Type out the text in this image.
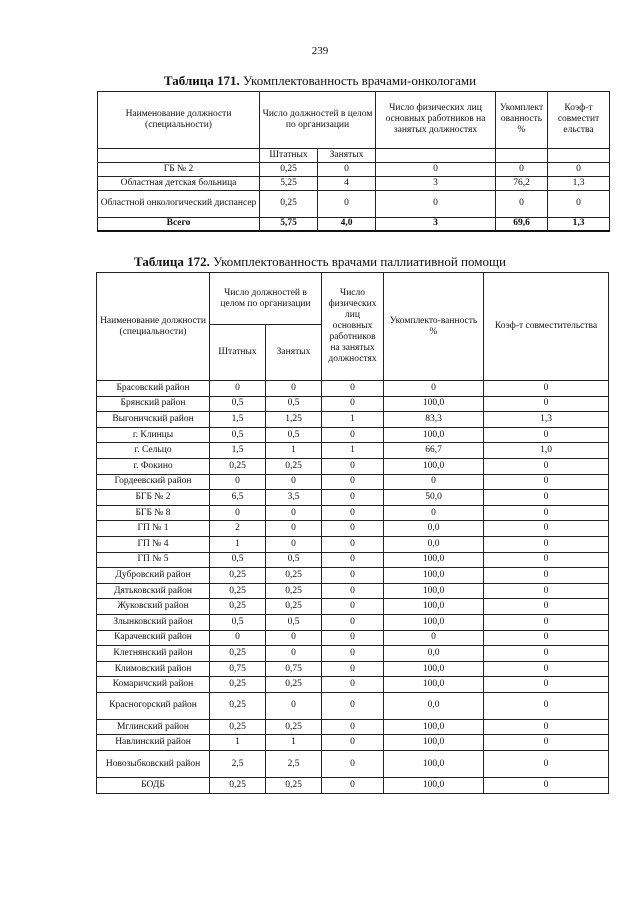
239
Таблица 171. Укомплектованность врачами-онкологами
Наименование должности (специальности)	Число должностей в целом по организации		Число физических лиц основных работников на занятых должностях	Укомплект ованность %	Коэф-т совместит ельства

	Штатных	Занятых			
ГБ № 2	0,25	0	0	0	0
Областная детская больница	5,25	4	3	76,2	1,3
Областной онкологический диспансер	0,25	0	0	0	0
Всего	5,75	4,0	3	69,6	1,3
Таблица 172. Укомплектованность врачами паллиативной помощи
Наименование должности (специальности)	Число должностей в целом по организации		Число физических лиц основных работников на занятых должностях	Укомплекто-ванность %	Коэф-т совместительства
	Штатных	Занятых			
Брасовский район	0	0	0	0	0
Брянский район	0,5	0,5	0	100,0	0
Выгоничский район	1,5	1,25	1	83,3	1,3
г. Клинцы	0,5	0,5	0	100,0	0
г. Сельцо	1,5	1	1	66,7	1,0
г. Фокино	0,25	0,25	0	100,0	0
Гордеевский район	0	0	0	0	0
БГБ № 2	6,5	3,5	0	50,0	0
БГБ № 8	0	0	0	0	0
ГП № 1	2	0	0	0,0	0
ГП № 4	1	0	0	0,0	0
ГП № 5	0,5	0,5	0	100,0	0
Дубровский район	0,25	0,25	0	100,0	0
Дятьковский район	0,25	0,25	0	100,0	0
Жуковский район	0,25	0,25	0	100,0	0
Злынковский район	0,5	0,5	0	100,0	0
Карачевский район	0	0	0	0	0
Клетнянский район	0,25	0	0	0,0	0
Климовский район	0,75	0,75	0	100,0	0
Комаричский район	0,25	0,25	0	100,0	0
Красногорский район	0,25	0	0	0,0	0
Мглинский район	0,25	0,25	0	100,0	0
Навлинский район	1	1	0	100,0	0
Новозыбковский район	2,5	2,5	0	100,0	0
БОДБ	0,25	0,25	0	100,0	0
